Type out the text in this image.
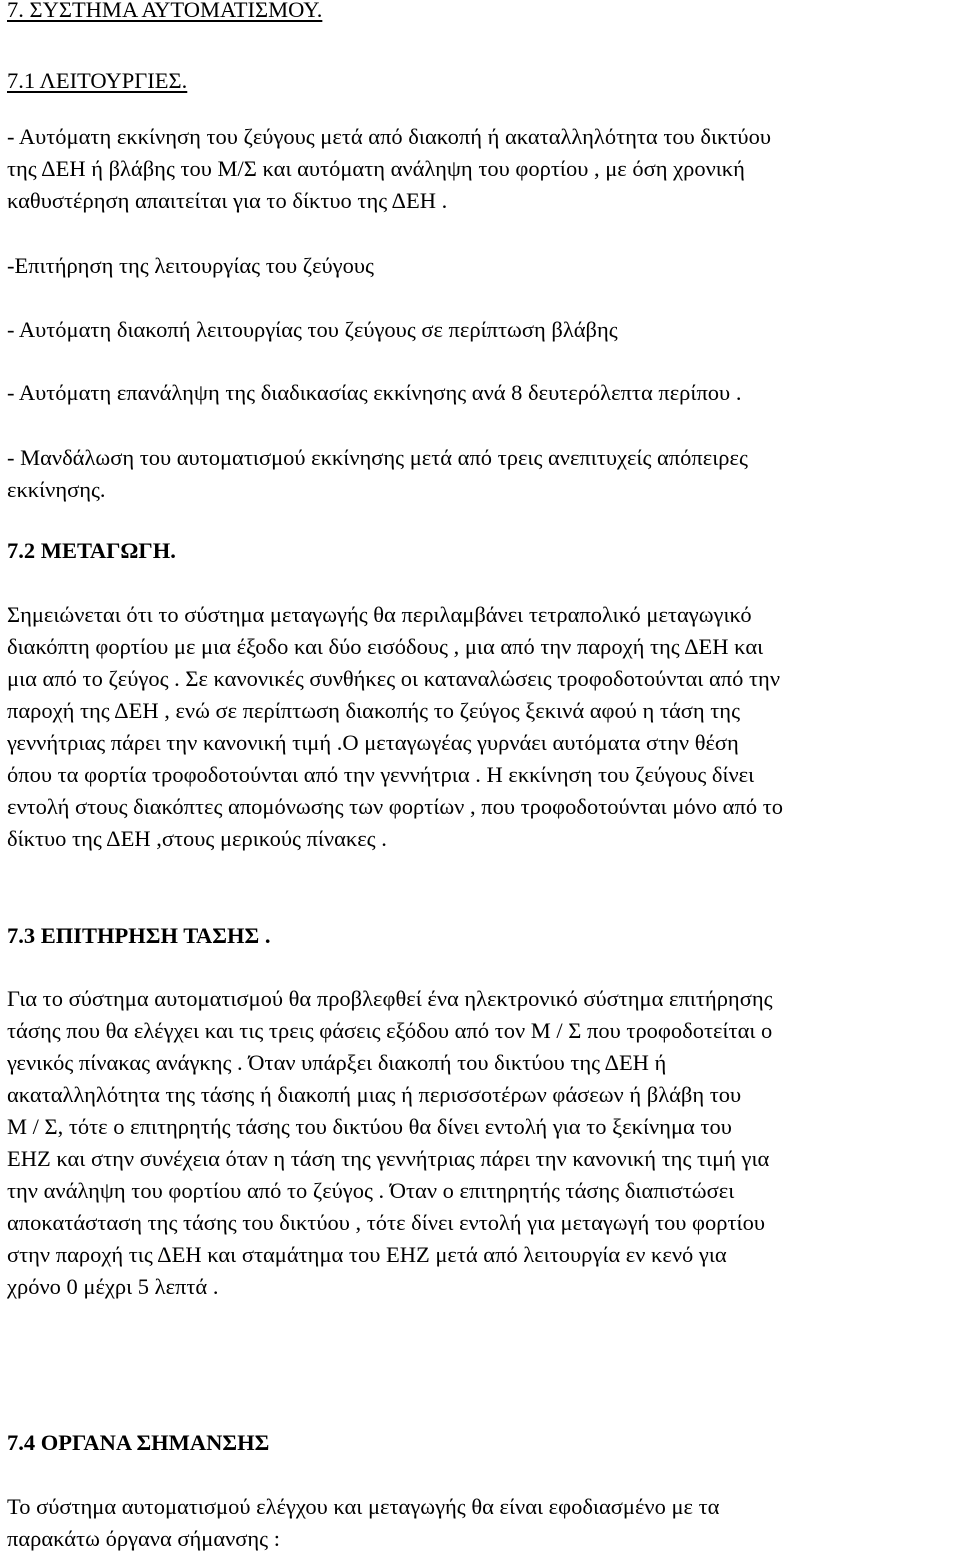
7. ΣΥΣΤΗΜΑ ΑΥΤΟΜΑΤΙΣΜΟΥ.
7.1 ΛΕΙΤΟΥΡΓΙΕΣ.
- Αυτόματη εκκίνηση του ζεύγους μετά από διακοπή ή ακαταλληλότητα του δικτύου
της ΔΕΗ ή βλάβης του Μ/Σ και αυτόματη ανάληψη του φορτίου , με όση χρονική
καθυστέρηση απαιτείται για το δίκτυο της ΔΕΗ .
-Επιτήρηση της λειτουργίας του ζεύγους
- Αυτόματη διακοπή λειτουργίας του ζεύγους σε περίπτωση βλάβης
- Αυτόματη επανάληψη της διαδικασίας εκκίνησης ανά 8 δευτερόλεπτα περίπου .
- Μανδάλωση του αυτοματισμού εκκίνησης μετά από τρεις ανεπιτυχείς απόπειρες
εκκίνησης.
7.2 ΜΕΤΑΓΩΓΗ.
Σημειώνεται ότι το σύστημα μεταγωγής θα περιλαμβάνει τετραπολικό μεταγωγικό
διακόπτη φορτίου με μια έξοδο και δύο εισόδους , μια από την παροχή της ΔΕΗ και
μια από το ζεύγος . Σε κανονικές συνθήκες οι καταναλώσεις τροφοδοτούνται από την
παροχή της ΔΕΗ , ενώ σε περίπτωση διακοπής το ζεύγος ξεκινά αφού η τάση της
γεννήτριας πάρει την κανονική τιμή .Ο μεταγωγέας γυρνάει αυτόματα στην θέση
όπου τα φορτία τροφοδοτούνται από την γεννήτρια . Η εκκίνηση του ζεύγους δίνει
εντολή στους διακόπτες απομόνωσης των φορτίων , που τροφοδοτούνται μόνο από το
δίκτυο της ΔΕΗ ,στους μερικούς πίνακες .
7.3 ΕΠΙΤΗΡΗΣΗ ΤΑΣΗΣ .
Για το σύστημα αυτοματισμού θα προβλεφθεί ένα ηλεκτρονικό σύστημα επιτήρησης
τάσης που θα ελέγχει και τις τρεις φάσεις εξόδου από τον Μ / Σ που τροφοδοτείται ο
γενικός πίνακας ανάγκης . Όταν υπάρξει διακοπή του δικτύου της ΔΕΗ ή
ακαταλληλότητα της τάσης ή διακοπή μιας ή περισσοτέρων φάσεων ή βλάβη του
Μ / Σ, τότε ο επιτηρητής τάσης του δικτύου θα δίνει εντολή για το ξεκίνημα του
ΕΗΖ και στην συνέχεια όταν η τάση της γεννήτριας πάρει την κανονική της τιμή για
την ανάληψη του φορτίου από το ζεύγος . Όταν ο επιτηρητής τάσης διαπιστώσει
αποκατάσταση της τάσης του δικτύου , τότε δίνει εντολή για μεταγωγή του φορτίου
στην παροχή τις ΔΕΗ και σταμάτημα του ΕΗΖ μετά από λειτουργία εν κενό για
χρόνο 0 μέχρι 5 λεπτά .
7.4 ΟΡΓΑΝΑ ΣΗΜΑΝΣΗΣ
Το σύστημα αυτοματισμού ελέγχου και μεταγωγής θα είναι εφοδιασμένο με τα
παρακάτω όργανα σήμανσης :
